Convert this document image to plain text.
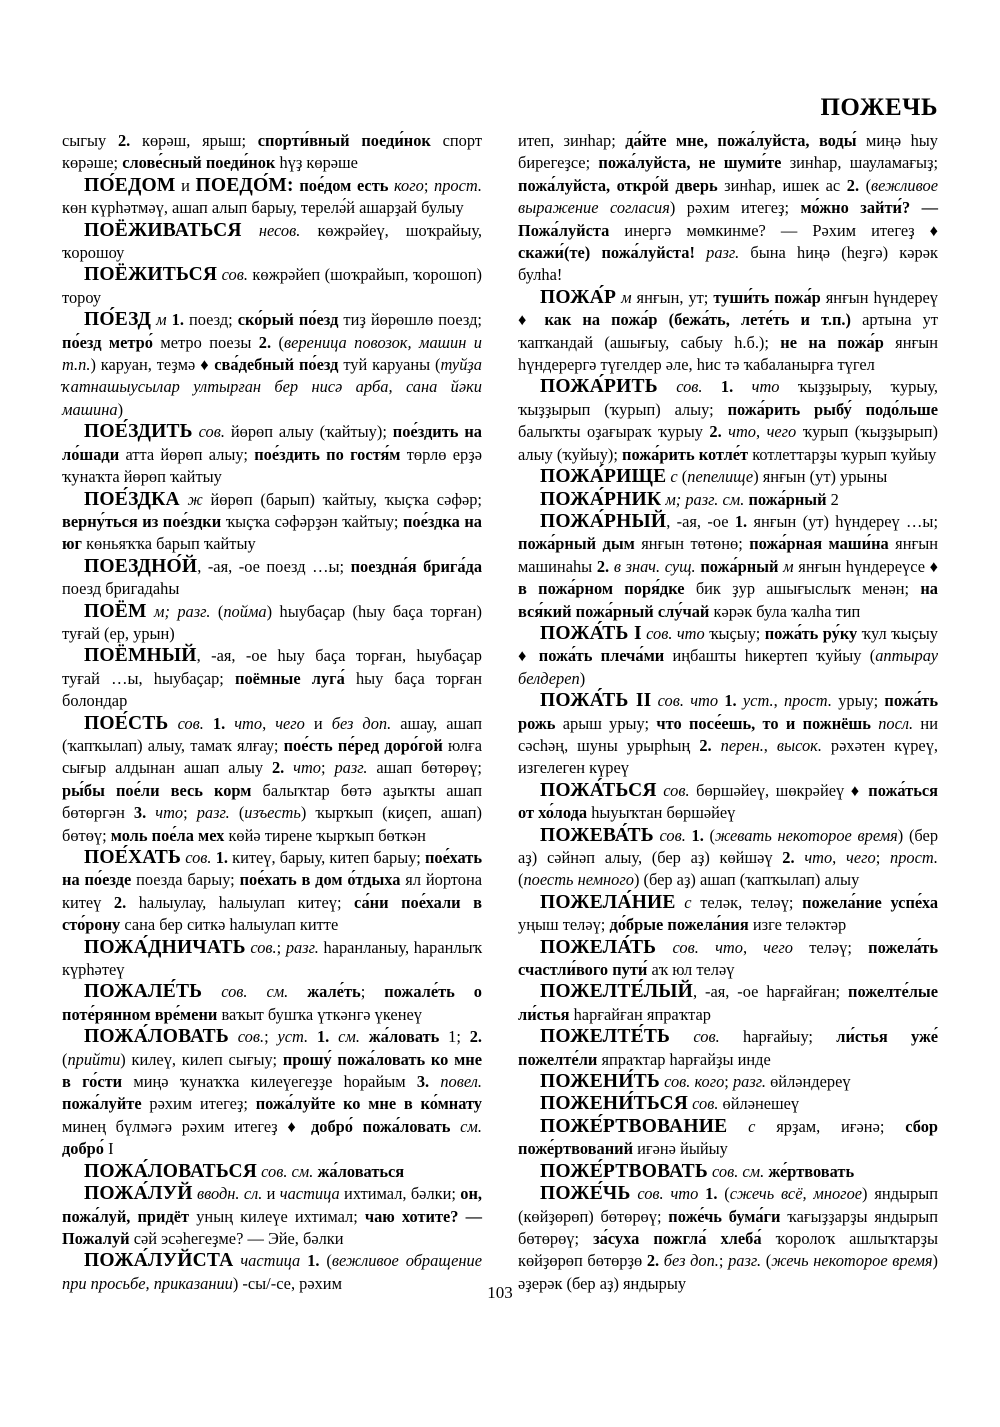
ПОЖЕЧЬ

сыгыу 2. көрәш, ярыш; спорти́вный поеди́нок спорт көрәше; слове́сный поеди́нок һүҙ көрәше

ПО́ЕДОМ и ПОЕДО́М: пое́дом есть кого; прост. көн күрһәтмәү, ашап алып барыу, терелә́й ашарҙай булыу

ПОЁЖИВАТЬСЯ несов. көжрәйеү, шоҡрайыу, ҡорошоу

ПОЁЖИТЬСЯ сов. көжрәйеп (шоҡрайып, ҡорошоп) тороу

ПО́ЕЗД м 1. поезд; ско́рый по́езд тиҙ йөрөшлө поезд; по́езд метро́ метро поезы 2. (вереница повозок, машин и т.п.) каруан, теҙмә ♦ сва́дебный по́езд туй каруаны (туйҙа ҡатнашыусылар ултырған бер нисә арба, сана йәки машина)

ПОЕ́ЗДИТЬ сов. йөрөп алыу (ҡайтыу); пое́здить на ло́шади атта йөрөп алыу; пое́здить по гостя́м төрлө ерҙә ҡунаҡта йөрөп ҡайтыу

ПОЕ́ЗДКА ж йөрөп (барып) ҡайтыу, ҡыҫҡа сәфәр; верну́ться из пое́здки ҡыҫҡа сәфәрҙән ҡайтыу; пое́здка на юг көньяҡҡа барып ҡайтыу

ПОЕЗДНО́Й, -ая, -ое поезд …ы; поездна́я брига́да поезд бригадаһы

ПОЁМ м; разг. (пойма) һыубаҫар (һыу баҫа торған) туғай (ер, урын)

ПОЁМНЫЙ, -ая, -ое һыу баҫа торған, һыубаҫар туғай …ы, һыубаҫар; поёмные луга́ һыу баҫа торған болондар

ПОЕ́СТЬ сов. 1. что, чего и без доп. ашау, ашап (ҡапҡылап) алыу, тамаҡ ялғау; пое́сть пе́ред доро́гой юлға сығыр алдынан ашап алыу 2. что; разг. ашап бөтөрөү; ры́бы пое́ли весь корм балыҡтар бөтә аҙыҡты ашап бөтөргән 3. что; разг. (изъесть) ҡырҡып (киҫеп, ашап) бөтөү; моль пое́ла мех көйә тирене ҡырҡып бөткән

ПОЕ́ХАТЬ сов. 1. китеү, барыу, китеп барыу; пое́хать на по́езде поезда барыу; пое́хать в дом о́тдыха ял йортона китеү 2. һалыулау, һалыулап китеү; са́ни пое́хали в сто́рону сана бер ситкә һалыулап китте

ПОЖА́ДНИЧАТЬ сов.; разг. һаранланыу, һаранлыҡ күрһәтеү

ПОЖАЛЕ́ТЬ сов. см. жале́ть; пожале́ть о поте́рянном вре́мени ваҡыт бушҡа үткәнгә үкенеү

ПОЖА́ЛОВАТЬ сов.; уст. 1. см. жа́ловать 1; 2. (прийти) килеү, килеп сығыу; прошу́ пожа́ловать ко мне в го́сти миңә ҡунаҡҡа килеүегеҙҙе һорайым 3. повел. пожа́луйте рәхим итегеҙ; пожа́луйте ко мне в ко́мнату минең бүлмәгә рәхим итегеҙ ♦ добро́ пожа́ловать см. добро́ I

ПОЖА́ЛОВАТЬСЯ сов. см. жа́ловаться

ПОЖА́ЛУЙ вводн. сл. и частица ихтимал, бәлки; он, пожа́луй, придёт уның килеүе ихтимал; чаю хотите? — Пожалуй сәй эсәһегеҙме? — Эйе, бәлки

ПОЖА́ЛУЙСТА частица 1. (вежливое обращение при просьбе, приказании) -сы/-се, рәхим

итеп, зинһар; да́йте мне, пожа́луйста, воды́ миңә һыу бирегеҙсе; пожа́луйста, не шуми́те зинһар, шауламағыҙ; пожа́луйста, откро́й дверь зинһар, ишек ас 2. (вежливое выражение согласия) рәхим итегеҙ; мо́жно зайти́? — Пожа́луйста инергә мөмкинме? — Рәхим итегеҙ ♦ скажи́(те) пожа́луйста! разг. бына һиңә (һеҙгә) кәрәк булһа!

ПОЖА́Р м янғын, ут; туши́ть пожа́р янғын һүндереү ♦ как на пожа́р (бежа́ть, лете́ть и т.п.) артына ут ҡапҡандай (ашығыу, сабыу һ.б.); не на пожа́р янғын һүндерергә түгелдер әле, һис тә ҡабаланырға түгел

ПОЖА́РИТЬ сов. 1. что ҡыҙҙырыу, ҡурыу, ҡыҙҙырып (ҡурып) алыу; пожа́рить рыбу́ подо́льше балыҡты оҙағыраҡ ҡурыу 2. что, чего ҡурып (ҡыҙҙырып) алыу (ҡуйыу); пожа́рить котле́т котлеттарҙы ҡурып ҡуйыу

ПОЖА́РИЩЕ с (пепелище) янғын (ут) урыны

ПОЖА́РНИК м; разг. см. пожа́рный 2

ПОЖА́РНЫЙ, -ая, -ое 1. янғын (ут) һүндереү …ы; пожа́рный дым янғын төтөнө; пожа́рная маши́на янғын машинаһы 2. в знач. сущ. пожа́рный м янғын һүндереүсе ♦ в пожа́рном поря́дке бик ҙур ашығыслыҡ менән; на вся́кий пожа́рный слу́чай кәрәк була ҡалһа тип

ПОЖА́ТЬ I сов. что ҡыҫыу; пожа́ть ру́ку ҡул ҡыҫыу ♦ пожа́ть плеча́ми иңбашты һикертеп ҡуйыу (аптырау белдереп)

ПОЖА́ТЬ II сов. что 1. уст., прост. урыу; пожа́ть рожь арыш урыу; что посе́ешь, то и пожнёшь посл. ни сәсһәң, шуны урырһың 2. перен., высок. рәхәтен күреү, изгелеген күреү

ПОЖА́ТЬСЯ сов. бөршәйеү, шөкрәйеү ♦ пожа́ться от хо́лода һыуыҡтан бөршәйеү

ПОЖЕВА́ТЬ сов. 1. (жевать некоторое время) (бер аҙ) сәйнәп алыу, (бер аҙ) көйшәү 2. что, чего; прост. (поесть немного) (бер аҙ) ашап (ҡапҡылап) алыу

ПОЖЕЛА́НИЕ с теләк, теләү; пожела́ние успе́ха уңыш теләү; до́брые пожела́ния изге теләктәр

ПОЖЕЛА́ТЬ сов. что, чего теләү; пожела́ть счастли́вого пути́ аҡ юл теләү

ПОЖЕЛТЕ́ЛЫЙ, -ая, -ое һарғайған; пожелте́лые ли́стья һарғайған япраҡтар

ПОЖЕЛТЕ́ТЬ сов. һарғайыу; ли́стья уже́ пожелте́ли япраҡтар һарғайҙы инде

ПОЖЕНИ́ТЬ сов. кого; разг. өйләндереү

ПОЖЕНИ́ТЬСЯ сов. өйләнешеү

ПОЖЕ́РТВОВАНИЕ с ярҙам, иғәнә; сбор поже́ртвований иғәнә йыйыу

ПОЖЕ́РТВОВАТЬ сов. см. же́ртвовать

ПОЖЕ́ЧЬ сов. что 1. (сжечь всё, многое) яндырып (көйҙөрөп) бөтөрөү; поже́чь бума́ги ҡағыҙҙарҙы яндырып бөтөрөү; за́суха пожгла́ хлеба́ ҡоролоҡ ашлыҡтарҙы көйҙөрөп бөтөрҙө 2. без доп.; разг. (жечь некоторое время) әҙерәк (бер аҙ) яндырыу

103
